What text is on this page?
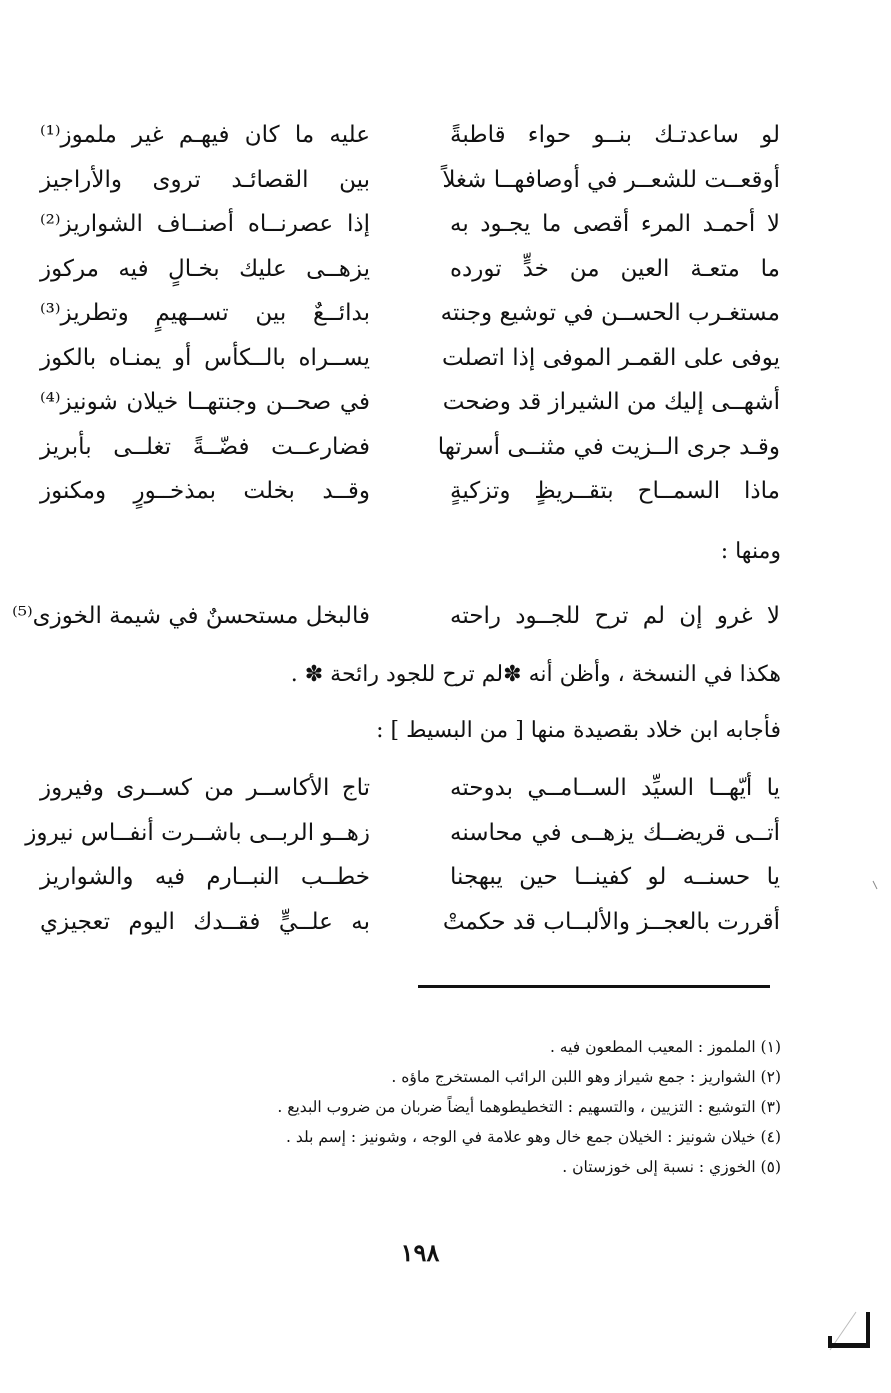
لو ساعدتـك بنــو حواء قاطبةً
عليه ما كان فيهـم غير ملموز⁽¹⁾
أوقعــت للشعــر في أوصافهــا شغلاً
بين القصائـد تروى والأراجيز
لا أحمـد المرء أقصى ما يجـود به
إذا عصرنــاه أصنــاف الشواريز⁽²⁾
ما متعـة العين من خدٍّ تورده
يزهــى عليك بخـالٍ فيه مركوز
مستغـرب الحســن في توشيع وجنته
بدائــعٌ بين تســهيمٍ وتطريز⁽³⁾
يوفى على القمـر الموفى إذا اتصلت
يســراه بالــكأس أو يمنـاه بالكوز
أشهــى إليك من الشيراز قد وضحت
في صحــن وجنتهــا خيلان شونيز⁽⁴⁾
وقـد جرى الــزيت في مثنــى أسرتها
فضارعــت فضّــةً تغلــى بأبريز
ماذا السمــاح بتقــريظٍ وتزكيةٍ
وقــد بخلت بمذخــورٍ ومكنوز
ومنها :
لا غرو إن لم ترح للجــود راحته
فالبخل مستحسنٌ في شيمة الخوزى⁽⁵⁾
هكذا في النسخة ، وأظن أنه ✽لم ترح للجود رائحة ✽ .
فأجابه ابن خلاد بقصيدة منها [ من البسيط ] :
يا أيّهــا السيِّد الســامــي بدوحته
تاج الأكاســر من كســرى وفيروز
أتــى قريضــك يزهــى في محاسنه
زهــو الربــى باشــرت أنفــاس نيروز
يا حسنــه لو كفينــا حين يبهجنا
خطــب النبــارم فيه والشواريز
أقررت بالعجــز والألبــاب قد حكمتْ
به علــيٍّ فقــدك اليوم تعجيزي
(١) الملموز : المعيب المطعون فيه .
(٢) الشواريز : جمع شيراز وهو اللبن الرائب المستخرج ماؤه .
(٣) التوشيع : التزيين ، والتسهيم : التخطيطوهما أيضاً ضربان من ضروب البديع .
(٤) خيلان شونيز : الخيلان جمع خال وهو علامة في الوجه ، وشونيز : إسم بلد .
(٥) الخوزي : نسبة إلى خوزستان .
١٩٨
